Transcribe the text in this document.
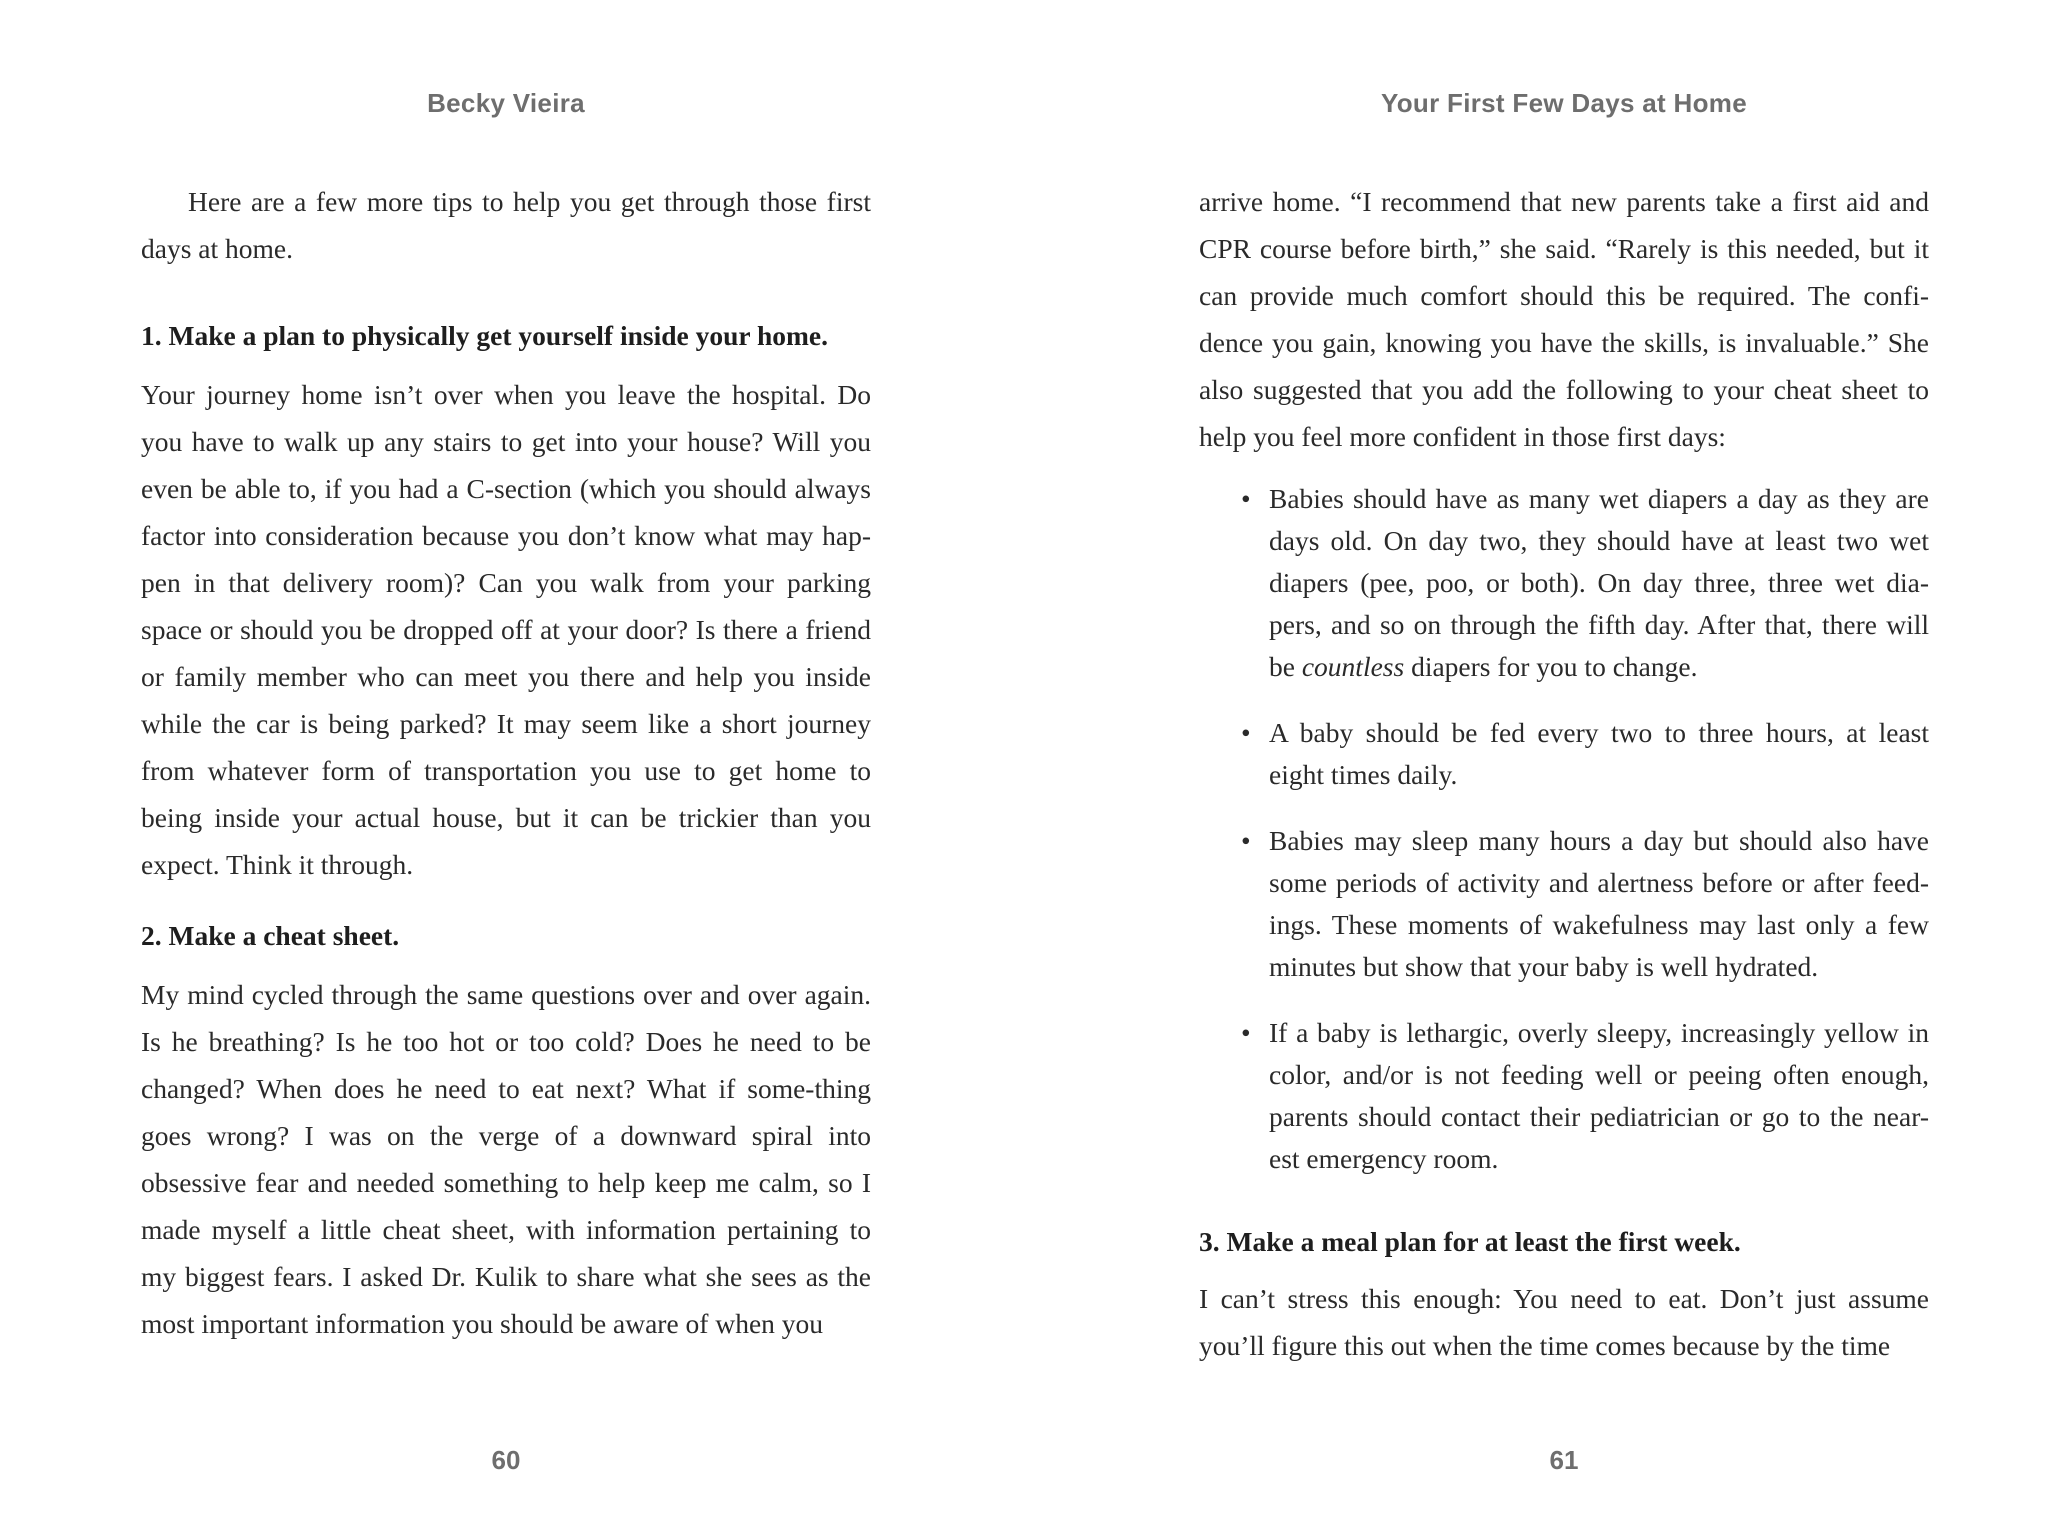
Becky Vieira

Here are a few more tips to help you get through those first days at home.

1. Make a plan to physically get yourself inside your home.

Your journey home isn’t over when you leave the hospital. Do you have to walk up any stairs to get into your house? Will you even be able to, if you had a C-section (which you should always factor into consideration because you don’t know what may hap-pen in that delivery room)? Can you walk from your parking space or should you be dropped off at your door? Is there a friend or family member who can meet you there and help you inside while the car is being parked? It may seem like a short journey from whatever form of transportation you use to get home to being inside your actual house, but it can be trickier than you expect. Think it through.

2. Make a cheat sheet.

My mind cycled through the same questions over and over again. Is he breathing? Is he too hot or too cold? Does he need to be changed? When does he need to eat next? What if some-thing goes wrong? I was on the verge of a downward spiral into obsessive fear and needed something to help keep me calm, so I made myself a little cheat sheet, with information pertaining to my biggest fears. I asked Dr. Kulik to share what she sees as the most important information you should be aware of when you

60
Your First Few Days at Home

arrive home. “I recommend that new parents take a first aid and CPR course before birth,” she said. “Rarely is this needed, but it can provide much comfort should this be required. The confi-dence you gain, knowing you have the skills, is invaluable.” She also suggested that you add the following to your cheat sheet to help you feel more confident in those first days:

• Babies should have as many wet diapers a day as they are days old. On day two, they should have at least two wet diapers (pee, poo, or both). On day three, three wet dia-pers, and so on through the fifth day. After that, there will be countless diapers for you to change.
• A baby should be fed every two to three hours, at least eight times daily.
• Babies may sleep many hours a day but should also have some periods of activity and alertness before or after feed-ings. These moments of wakefulness may last only a few minutes but show that your baby is well hydrated.
• If a baby is lethargic, overly sleepy, increasingly yellow in color, and/or is not feeding well or peeing often enough, parents should contact their pediatrician or go to the near-est emergency room.
3. Make a meal plan for at least the first week.

I can’t stress this enough: You need to eat. Don’t just assume you’ll figure this out when the time comes because by the time

61
